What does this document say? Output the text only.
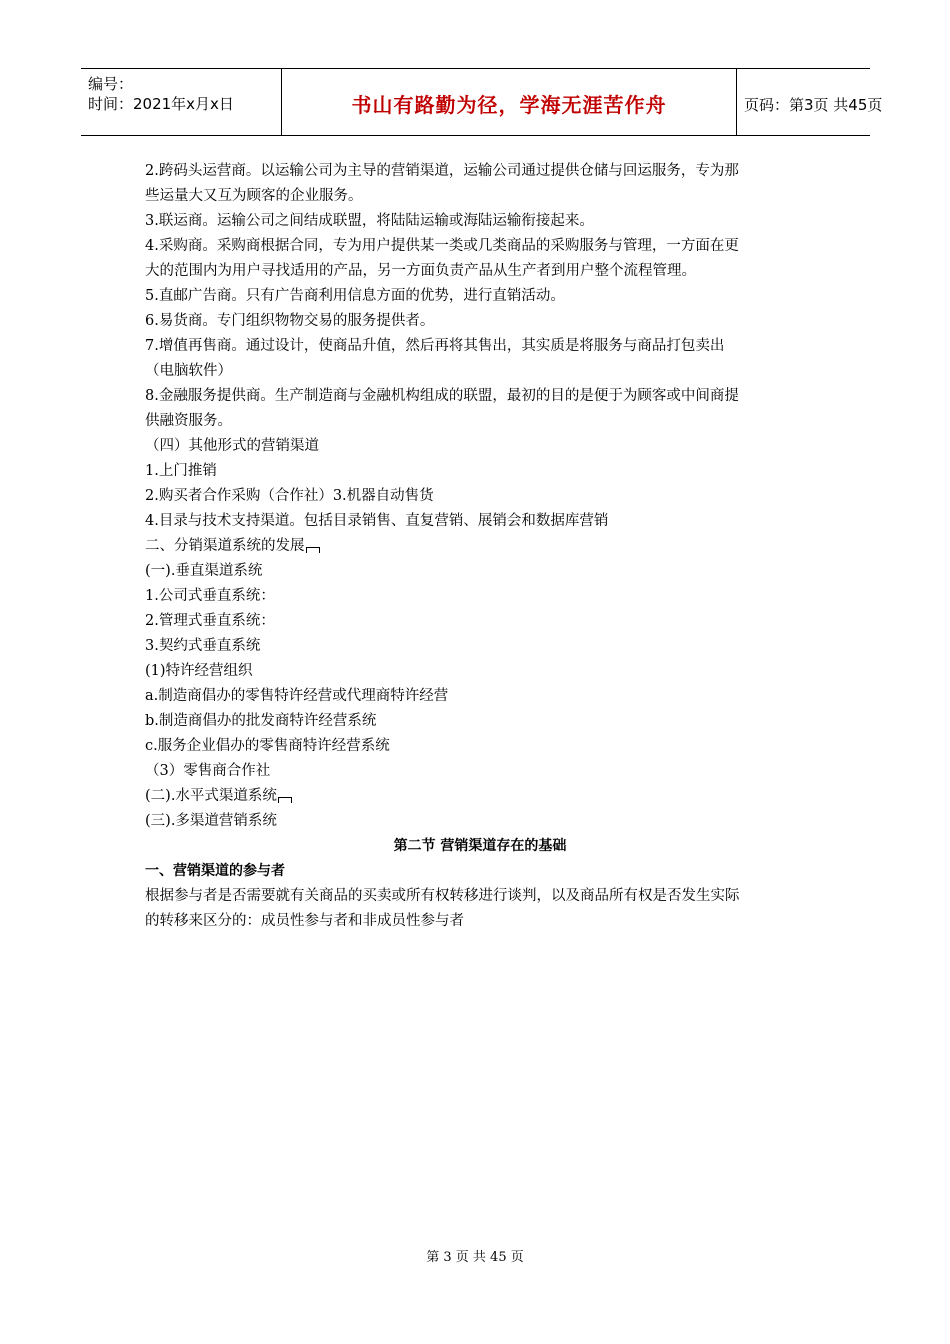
编号：
时间：2021年x月x日	书山有路勤为径，学海无涯苦作舟	页码：第3页 共45页
2.跨码头运营商。以运输公司为主导的营销渠道，运输公司通过提供仓储与回运服务，专为那
些运量大又互为顾客的企业服务。
3.联运商。运输公司之间结成联盟，将陆陆运输或海陆运输衔接起来。
4.采购商。采购商根据合同，专为用户提供某一类或几类商品的采购服务与管理，一方面在更
大的范围内为用户寻找适用的产品，另一方面负责产品从生产者到用户整个流程管理。
5.直邮广告商。只有广告商利用信息方面的优势，进行直销活动。
6.易货商。专门组织物物交易的服务提供者。
7.增值再售商。通过设计，使商品升值，然后再将其售出，其实质是将服务与商品打包卖出
（电脑软件）
8.金融服务提供商。生产制造商与金融机构组成的联盟，最初的目的是便于为顾客或中间商提
供融资服务。
（四）其他形式的营销渠道
1.上门推销
2.购买者合作采购（合作社）3.机器自动售货
4.目录与技术支持渠道。包括目录销售、直复营销、展销会和数据库营销
二、分销渠道系统的发展
(一).垂直渠道系统
1.公司式垂直系统：
2.管理式垂直系统：
3.契约式垂直系统
(1)特许经营组织
a.制造商倡办的零售特许经营或代理商特许经营
b.制造商倡办的批发商特许经营系统
c.服务企业倡办的零售商特许经营系统
（3）零售商合作社
(二).水平式渠道系统
(三).多渠道营销系统
第二节 营销渠道存在的基础
一、营销渠道的参与者
根据参与者是否需要就有关商品的买卖或所有权转移进行谈判，以及商品所有权是否发生实际
的转移来区分的：成员性参与者和非成员性参与者
第 3 页 共 45 页
